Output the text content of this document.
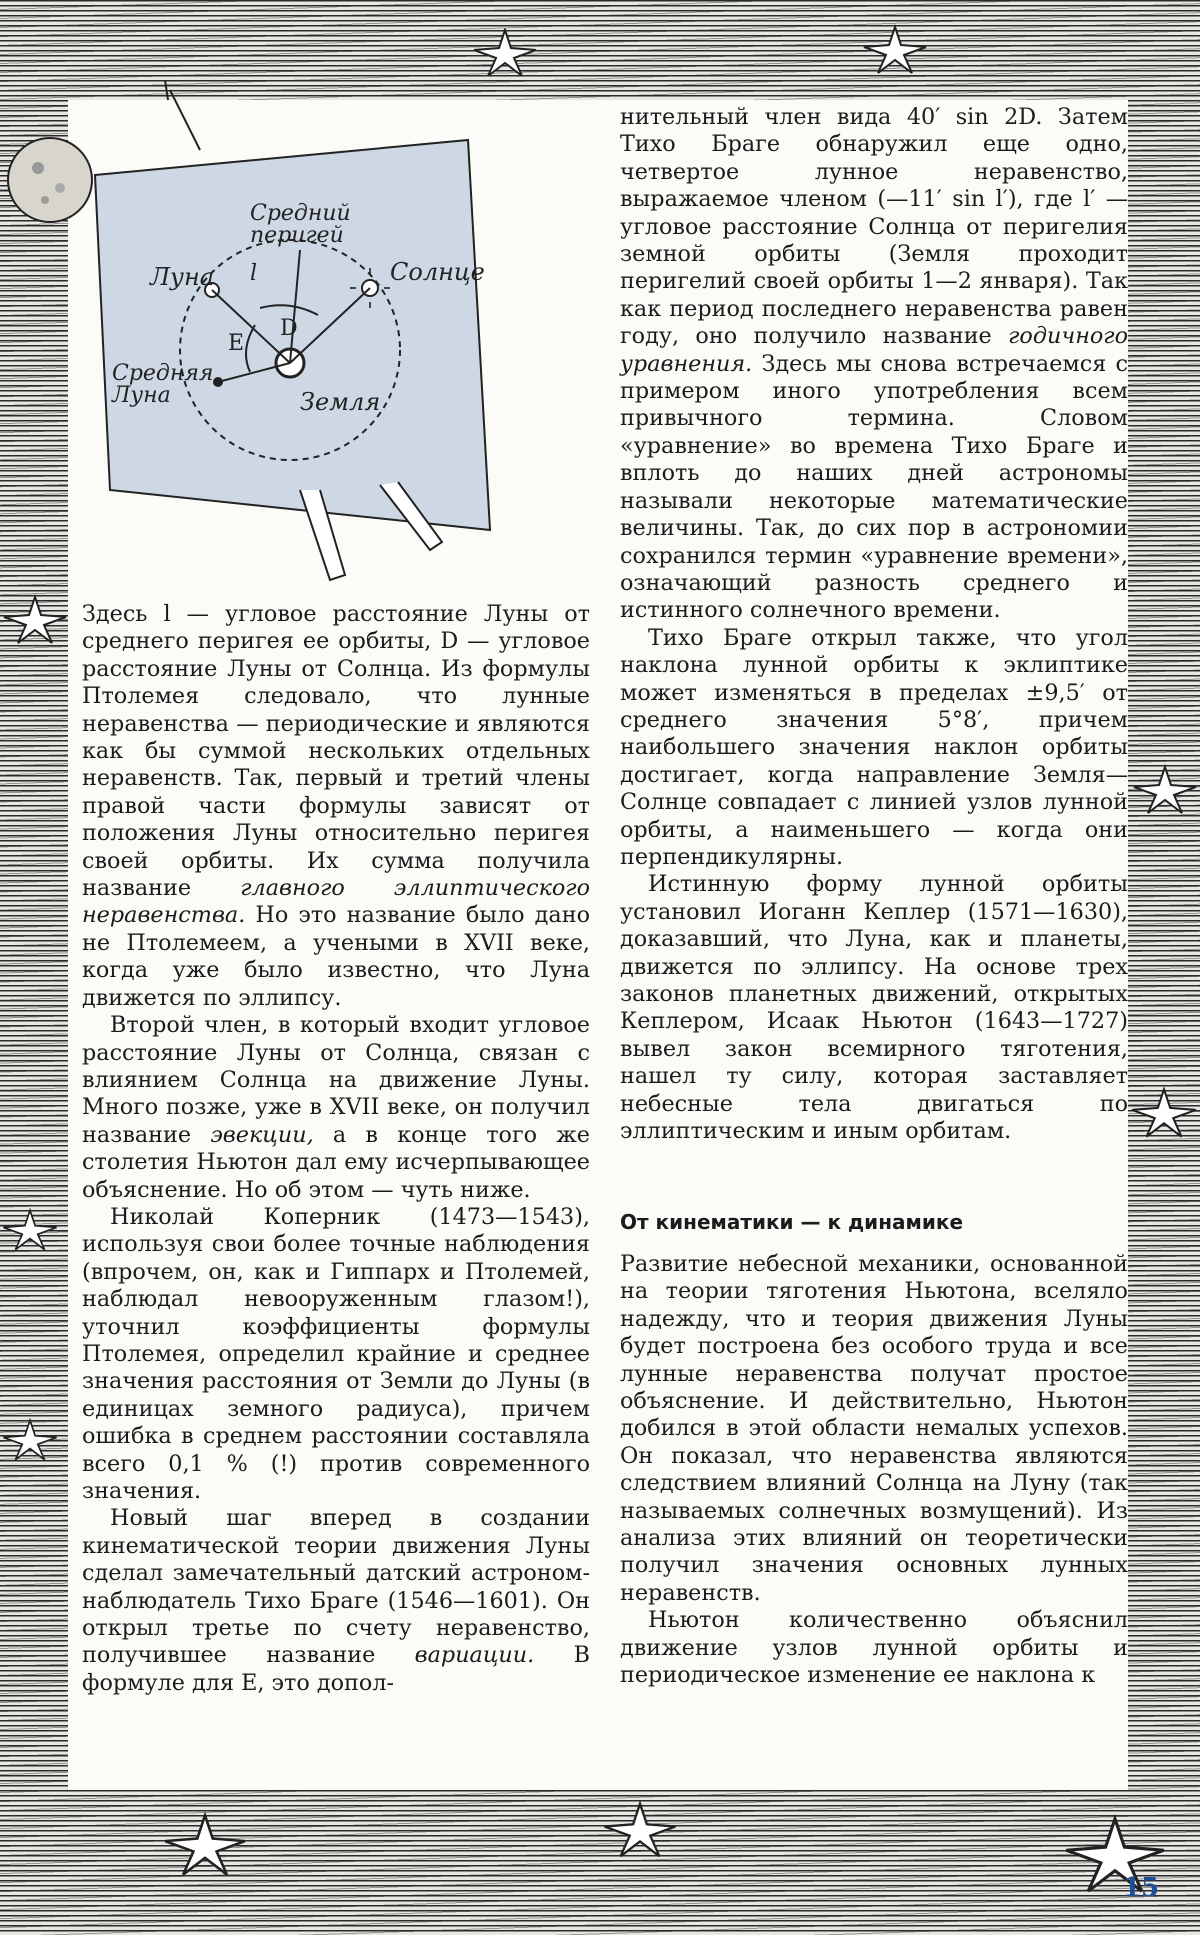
Средний перигей
Луна	Солнце
Средняя Луна	Земля
l
E
D

Здесь l — угловое расстояние Луны от среднего перигея ее орбиты, D — угловое расстояние Луны от Солнца. Из формулы Птолемея следовало, что лунные неравенства — периодические и являются как бы суммой нескольких отдельных неравенств. Так, первый и третий члены правой части формулы зависят от положения Луны относительно перигея своей орбиты. Их сумма получила название главного эллиптического неравенства. Но это название было дано не Птолемеем, а учеными в XVII веке, когда уже было известно, что Луна движется по эллипсу.

Второй член, в который входит угловое расстояние Луны от Солнца, связан с влиянием Солнца на движение Луны. Много позже, уже в XVII веке, он получил название эвекции, а в конце того же столетия Ньютон дал ему исчерпывающее объяснение. Но об этом — чуть ниже.

Николай Коперник (1473—1543), используя свои более точные наблюдения (впрочем, он, как и Гиппарх и Птолемей, наблюдал невооруженным глазом!), уточнил коэффициенты формулы Птолемея, определил крайние и среднее значения расстояния от Земли до Луны (в единицах земного радиуса), причем ошибка в среднем расстоянии составляла всего 0,1 % (!) против современного значения.

Новый шаг вперед в создании кинематической теории движения Луны сделал замечательный датский астроном-наблюдатель Тихо Браге (1546—1601). Он открыл третье по счету неравенство, получившее название вариации. В формуле для E, это допол-

нительный член вида 40′ sin 2D. Затем Тихо Браге обнаружил еще одно, четвертое лунное неравенство, выражаемое членом (—11′ sin l′), где l′ — угловое расстояние Солнца от перигелия земной орбиты (Земля проходит перигелий своей орбиты 1—2 января). Так как период последнего неравенства равен году, оно получило название годичного уравнения. Здесь мы снова встречаемся с примером иного употребления всем привычного термина. Словом «уравнение» во времена Тихо Браге и вплоть до наших дней астрономы называли некоторые математические величины. Так, до сих пор в астрономии сохранился термин «уравнение времени», означающий разность среднего и истинного солнечного времени.

Тихо Браге открыл также, что угол наклона лунной орбиты к эклиптике может изменяться в пределах ±9,5′ от среднего значения 5°8′, причем наибольшего значения наклон орбиты достигает, когда направление Земля—Солнце совпадает с линией узлов лунной орбиты, а наименьшего — когда они перпендикулярны.

Истинную форму лунной орбиты установил Иоганн Кеплер (1571—1630), доказавший, что Луна, как и планеты, движется по эллипсу. На основе трех законов планетных движений, открытых Кеплером, Исаак Ньютон (1643—1727) вывел закон всемирного тяготения, нашел ту силу, которая заставляет небесные тела двигаться по эллиптическим и иным орбитам.

От кинематики — к динамике

Развитие небесной механики, основанной на теории тяготения Ньютона, вселяло надежду, что и теория движения Луны будет построена без особого труда и все лунные неравенства получат простое объяснение. И действительно, Ньютон добился в этой области немалых успехов. Он показал, что неравенства являются следствием влияний Солнца на Луну (так называемых солнечных возмущений). Из анализа этих влияний он теоретически получил значения основных лунных неравенств.

Ньютон количественно объяснил движение узлов лунной орбиты и периодическое изменение ее наклона к

15
